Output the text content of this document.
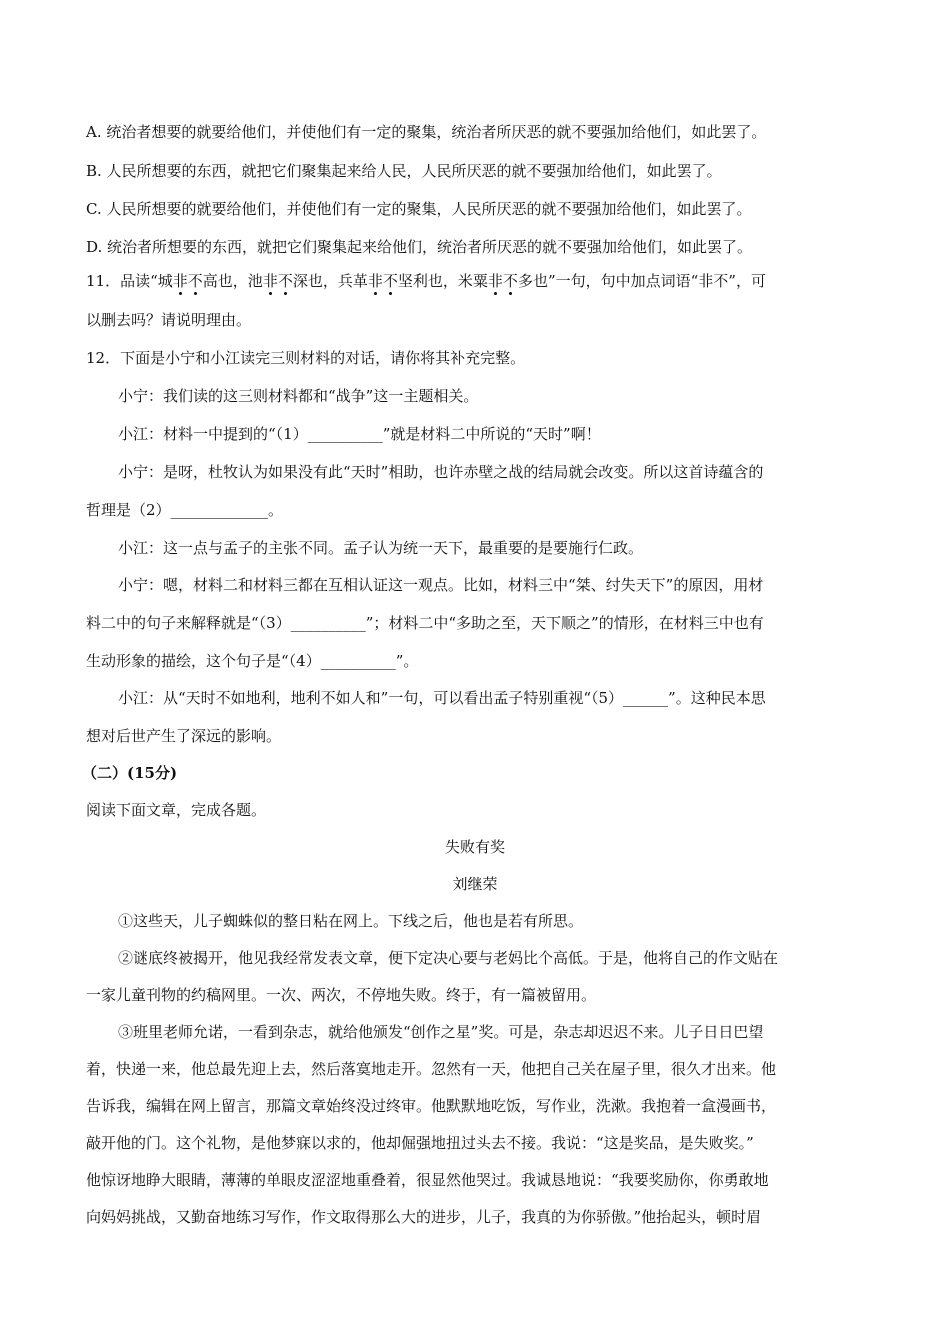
A. 统治者想要的就要给他们，并使他们有一定的聚集，统治者所厌恶的就不要强加给他们，如此罢了。
B. 人民所想要的东西，就把它们聚集起来给人民，人民所厌恶的就不要强加给他们，如此罢了。
C. 人民所想要的就要给他们，并使他们有一定的聚集，人民所厌恶的就不要强加给他们，如此罢了。
D. 统治者所想要的东西，就把它们聚集起来给他们，统治者所厌恶的就不要强加给他们，如此罢了。
11．品读“城非不高也，池非不深也，兵革非不坚利也，米粟非不多也”一句，句中加点词语“非不”，可
以删去吗？请说明理由。
12．下面是小宁和小江读完三则材料的对话，请你将其补充完整。
小宁：我们读的这三则材料都和“战争”这一主题相关。
小江：材料一中提到的“（1）__________”就是材料二中所说的“天时”啊！
小宁：是呀，杜牧认为如果没有此“天时”相助，也许赤壁之战的结局就会改变。所以这首诗蕴含的
哲理是（2）_____________。
小江：这一点与孟子的主张不同。孟子认为统一天下，最重要的是要施行仁政。
小宁：嗯，材料二和材料三都在互相认证这一观点。比如，材料三中“桀、纣失天下”的原因，用材
料二中的句子来解释就是“（3）__________”；材料二中“多助之至，天下顺之”的情形，在材料三中也有
生动形象的描绘，这个句子是“（4）__________”。
小江：从“天时不如地利，地利不如人和”一句，可以看出孟子特别重视“（5）______”。这种民本思
想对后世产生了深远的影响。
（二）(15分)
阅读下面文章，完成各题。
失败有奖
刘继荣
①这些天，儿子蜘蛛似的整日粘在网上。下线之后，他也是若有所思。
②谜底终被揭开，他见我经常发表文章，便下定决心要与老妈比个高低。于是，他将自己的作文贴在
一家儿童刊物的约稿网里。一次、两次，不停地失败。终于，有一篇被留用。
③班里老师允诺，一看到杂志，就给他颁发“创作之星”奖。可是，杂志却迟迟不来。儿子日日巴望
着，快递一来，他总最先迎上去，然后落寞地走开。忽然有一天，他把自己关在屋子里，很久才出来。他
告诉我，编辑在网上留言，那篇文章始终没过终审。他默默地吃饭，写作业，洗漱。我抱着一盒漫画书，
敲开他的门。这个礼物，是他梦寐以求的，他却倔强地扭过头去不接。我说：“这是奖品，是失败奖。”
他惊讶地睁大眼睛，薄薄的单眼皮涩涩地重叠着，很显然他哭过。我诚恳地说：“我要奖励你，你勇敢地
向妈妈挑战，又勤奋地练习写作，作文取得那么大的进步，儿子，我真的为你骄傲。”他抬起头，顿时眉
